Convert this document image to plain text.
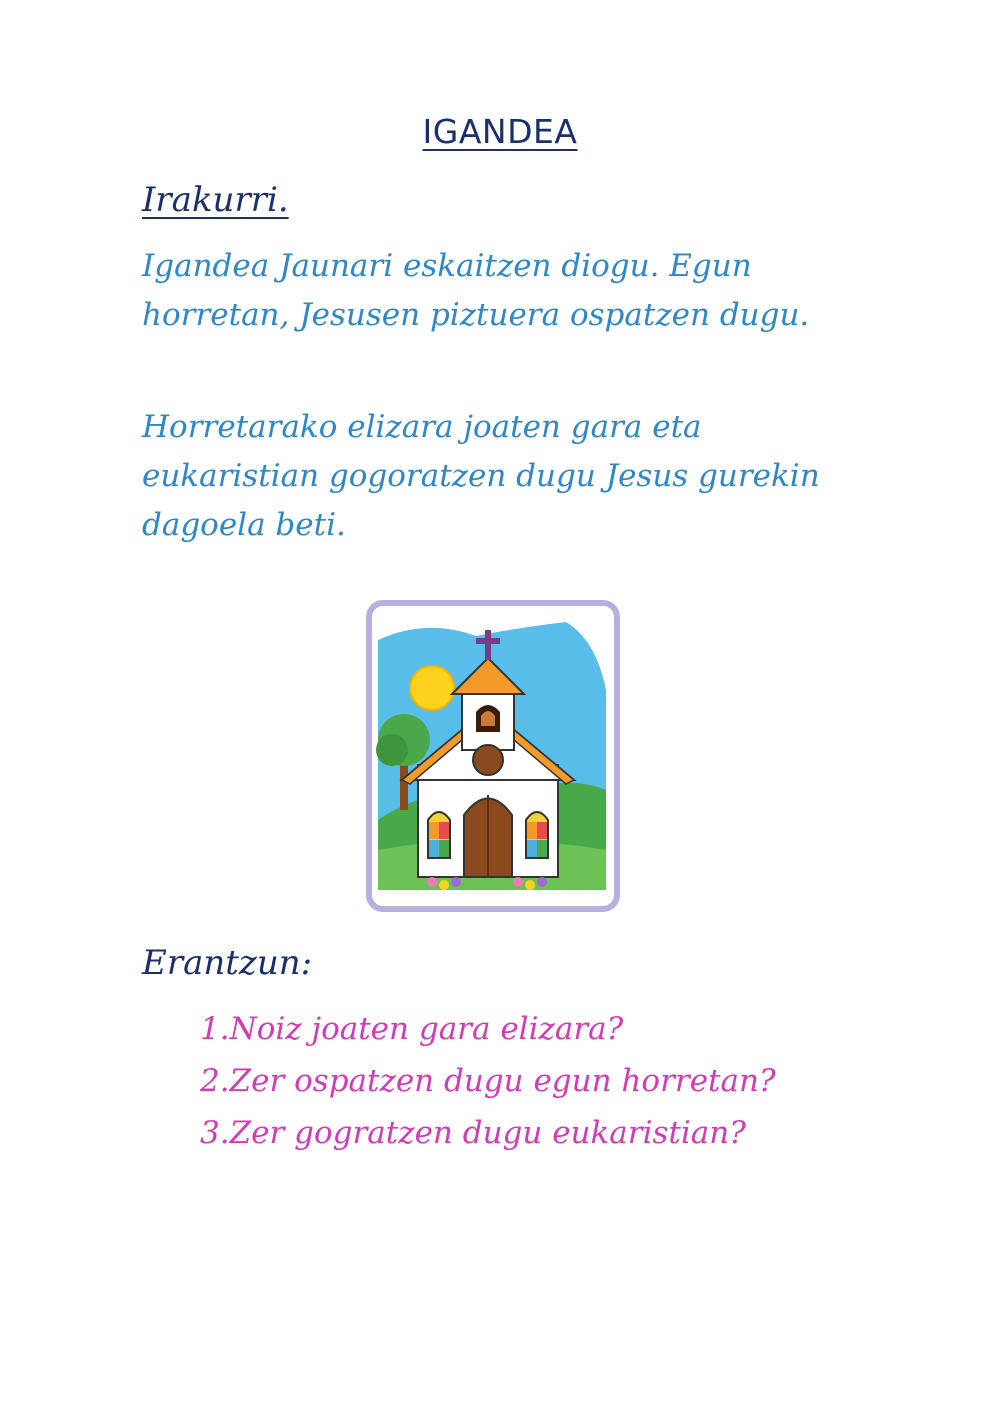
IGANDEA
Irakurri.

Igandea Jaunari eskaitzen diogu. Egun horretan, Jesusen piztuera ospatzen dugu.

Horretarako elizara joaten gara eta eukaristian gogoratzen dugu Jesus gurekin dagoela beti.

Erantzun:
1.Noiz joaten gara elizara?
2.Zer ospatzen dugu egun horretan?
3.Zer gogratzen dugu eukaristian?
